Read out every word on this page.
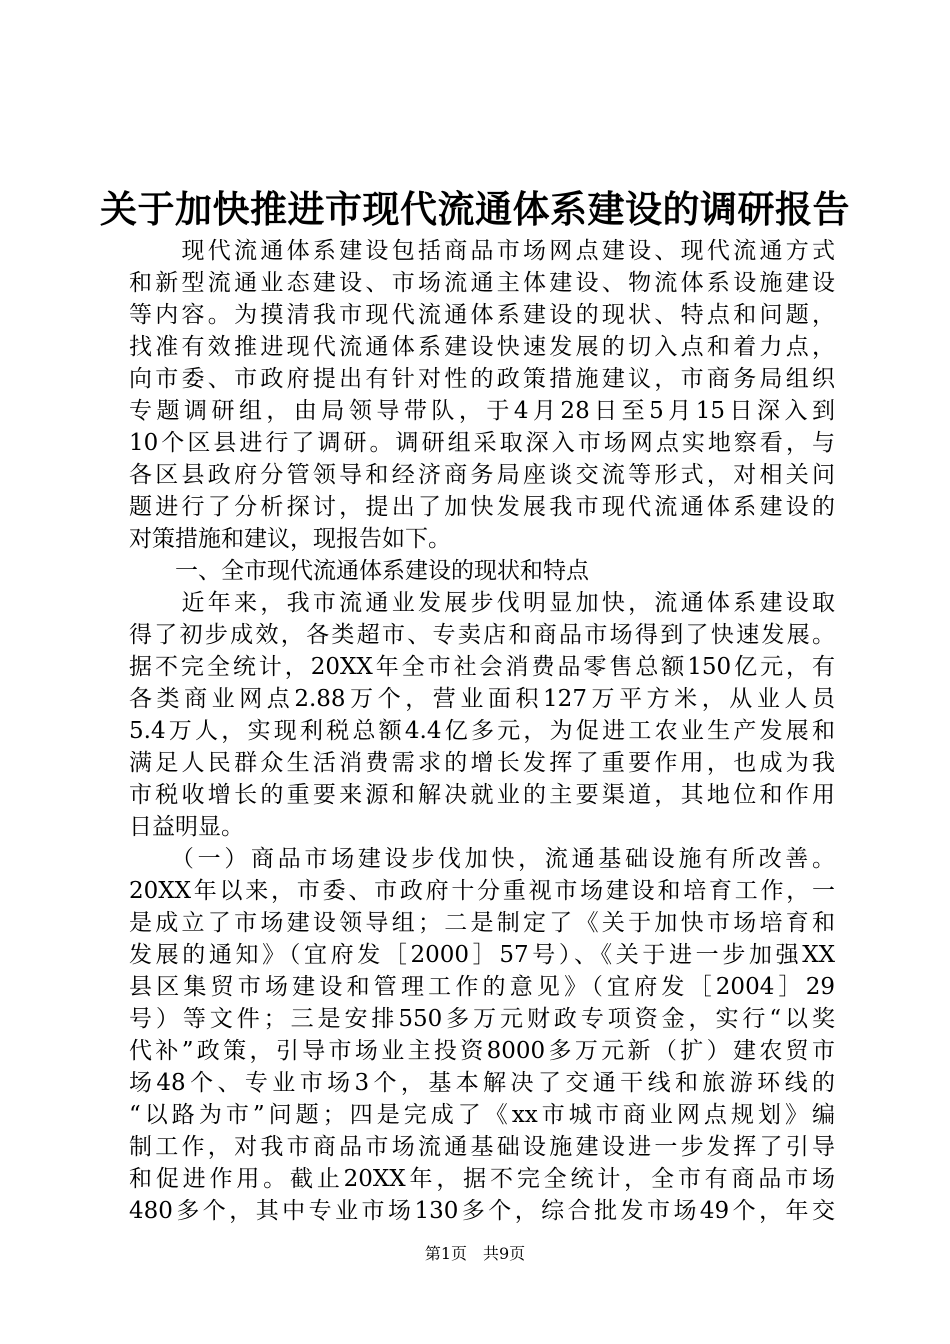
关于加快推进市现代流通体系建设的调研报告
　　现代流通体系建设包括商品市场网点建设、现代流通方式
和新型流通业态建设、市场流通主体建设、物流体系设施建设
等内容。为摸清我市现代流通体系建设的现状、特点和问题，
找准有效推进现代流通体系建设快速发展的切入点和着力点，
向市委、市政府提出有针对性的政策措施建议，市商务局组织
专题调研组，由局领导带队，于4月28日至5月15日深入到
10个区县进行了调研。调研组采取深入市场网点实地察看，与
各区县政府分管领导和经济商务局座谈交流等形式，对相关问
题进行了分析探讨，提出了加快发展我市现代流通体系建设的
对策措施和建议，现报告如下。
　　一、全市现代流通体系建设的现状和特点
　　近年来，我市流通业发展步伐明显加快，流通体系建设取
得了初步成效，各类超市、专卖店和商品市场得到了快速发展。
据不完全统计，20XX年全市社会消费品零售总额150亿元，有
各类商业网点2.88万个，营业面积127万平方米，从业人员
5.4万人，实现利税总额4.4亿多元，为促进工农业生产发展和
满足人民群众生活消费需求的增长发挥了重要作用，也成为我
市税收增长的重要来源和解决就业的主要渠道，其地位和作用
日益明显。
　　（一）商品市场建设步伐加快，流通基础设施有所改善。
20XX年以来，市委、市政府十分重视市场建设和培育工作，一
是成立了市场建设领导组；二是制定了《关于加快市场培育和
发展的通知》（宜府发［2000］57号）、《关于进一步加强XX
县区集贸市场建设和管理工作的意见》（宜府发［2004］29
号）等文件；三是安排550多万元财政专项资金，实行“以奖
代补”政策，引导市场业主投资8000多万元新（扩）建农贸市
场48个、专业市场3个，基本解决了交通干线和旅游环线的
“以路为市”问题；四是完成了《xx市城市商业网点规划》编
制工作，对我市商品市场流通基础设施建设进一步发挥了引导
和促进作用。截止20XX年，据不完全统计，全市有商品市场
480多个，其中专业市场130多个，综合批发市场49个，年交
第1页　共9页
